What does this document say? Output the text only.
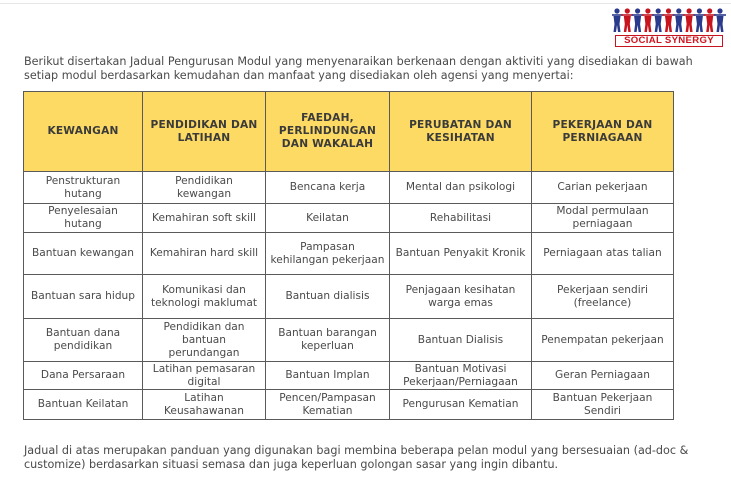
SOCIAL SYNERGY

Berikut disertakan Jadual Pengurusan Modul yang menyenaraikan berkenaan dengan aktiviti yang disediakan di bawah setiap modul berdasarkan kemudahan dan manfaat yang disediakan oleh agensi yang menyertai:

KEWANGAN	PENDIDIKAN DAN LATIHAN	FAEDAH, PERLINDUNGAN DAN WAKALAH	PERUBATAN DAN KESIHATAN	PEKERJAAN DAN PERNIAGAAN
Penstrukturan hutang	Pendidikan kewangan	Bencana kerja	Mental dan psikologi	Carian pekerjaan
Penyelesaian hutang	Kemahiran soft skill	Keilatan	Rehabilitasi	Modal permulaan perniagaan
Bantuan kewangan	Kemahiran hard skill	Pampasan kehilangan pekerjaan	Bantuan Penyakit Kronik	Perniagaan atas talian
Bantuan sara hidup	Komunikasi dan teknologi maklumat	Bantuan dialisis	Penjagaan kesihatan warga emas	Pekerjaan sendiri (freelance)
Bantuan dana pendidikan	Pendidikan dan bantuan perundangan	Bantuan barangan keperluan	Bantuan Dialisis	Penempatan pekerjaan
Dana Persaraan	Latihan pemasaran digital	Bantuan Implan	Bantuan Motivasi Pekerjaan/Perniagaan	Geran Perniagaan
Bantuan Keilatan	Latihan Keusahawanan	Pencen/Pampasan Kematian	Pengurusan Kematian	Bantuan Pekerjaan Sendiri

Jadual di atas merupakan panduan yang digunakan bagi membina beberapa pelan modul yang bersesuaian (ad-doc & customize) berdasarkan situasi semasa dan juga keperluan golongan sasar yang ingin dibantu.
